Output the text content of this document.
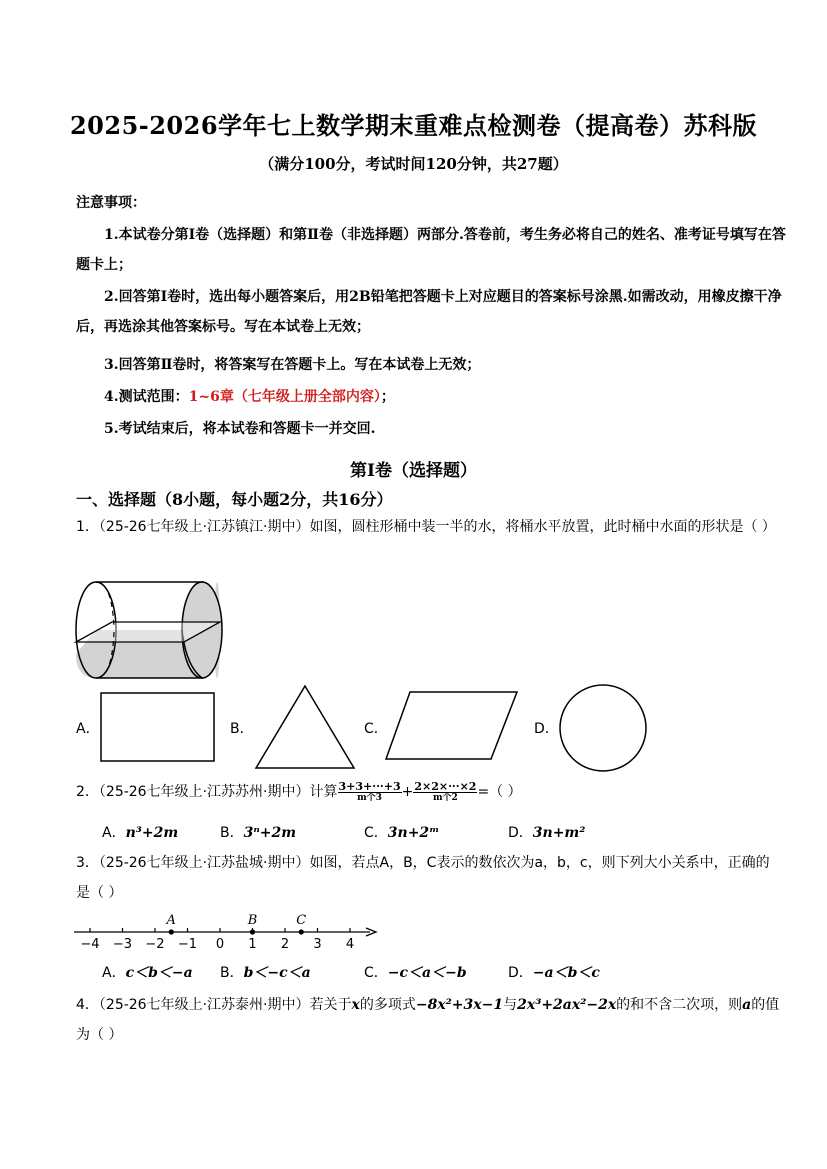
2025-2026学年七上数学期末重难点检测卷（提高卷）苏科版
（满分100分，考试时间120分钟，共27题）
注意事项：
1.本试卷分第Ⅰ卷（选择题）和第Ⅱ卷（非选择题）两部分.答卷前，考生务必将自己的姓名、准考证号填写在答题卡上；
2.回答第Ⅰ卷时，选出每小题答案后，用2B铅笔把答题卡上对应题目的答案标号涂黑.如需改动，用橡皮擦干净后，再选涂其他答案标号。写在本试卷上无效；
3.回答第Ⅱ卷时，将答案写在答题卡上。写在本试卷上无效；
4.测试范围：1~6章（七年级上册全部内容）；
5.考试结束后，将本试卷和答题卡一并交回.
第Ⅰ卷（选择题）
一、选择题（8小题，每小题2分，共16分）
1．（25-26七年级上·江苏镇江·期中）如图，圆柱形桶中装一半的水，将桶水平放置，此时桶中水面的形状是（ ）
A．	B．	C．	D．
2．（25-26七年级上·江苏苏州·期中）计算 $\frac{3+3+\cdot\cdot\cdot+3}{\text{m个3}} + \frac{2\times 2\times\cdot\cdot\cdot\times 2}{\text{m个2}}$ =（ ）
A．n³+2m	B．3ⁿ+2m	C．3n+2ᵐ	D．3n+m²
3．（25-26七年级上·江苏盐城·期中）如图，若点A，B，C表示的数依次为a，b，c，则下列大小关系中，正确的是（ ）
−4 −3 −2 −1 0 1 2 3 4
A	B	C
A．c＜b＜−a B．b＜−c＜a	C．−c＜a＜−b	D．−a＜b＜c
4．（25-26七年级上·江苏泰州·期中）若关于x的多项式−8x²+3x−1与2x³+2ax²−2x的和不含二次项，则a的值为（ ）
